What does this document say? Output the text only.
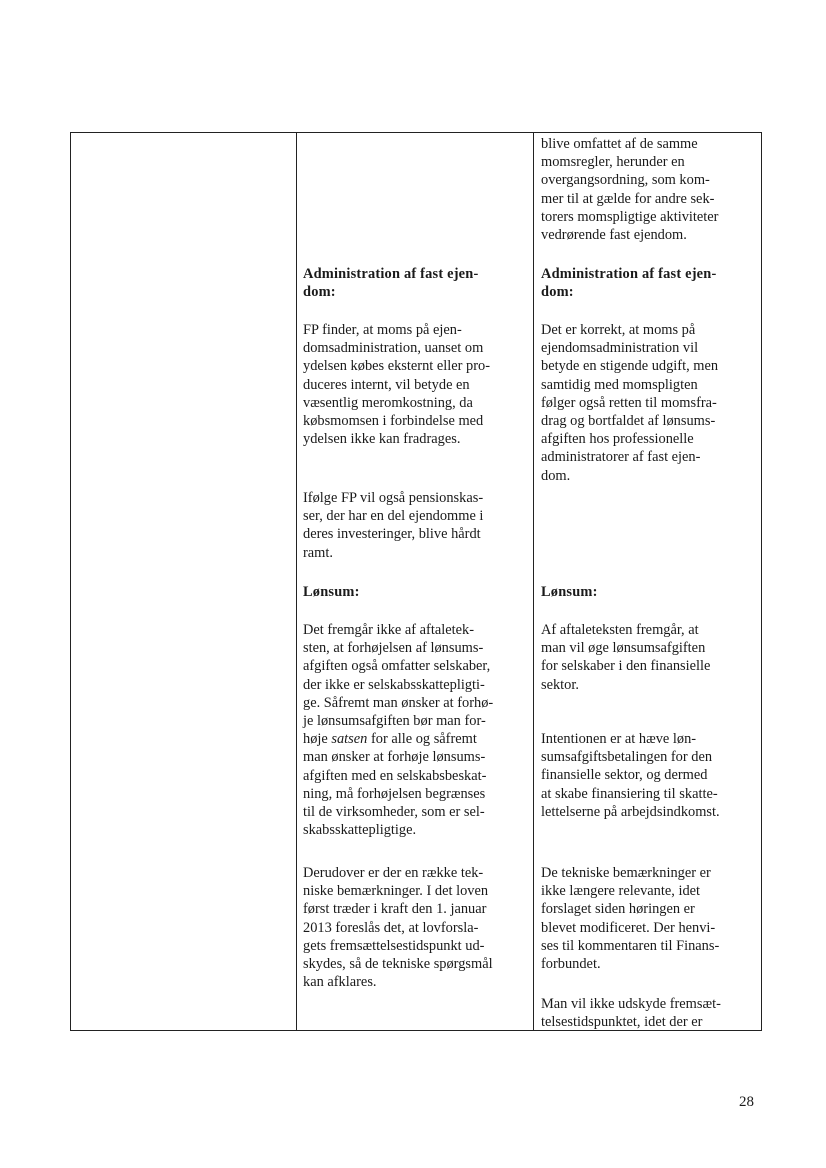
blive omfattet af de samme
momsregler, herunder en
overgangsordning, som kom-
mer til at gælde for andre sek-
torers momspligtige aktiviteter
vedrørende fast ejendom.
Administration af fast ejen-
dom:
Administration af fast ejen-
dom:
FP finder, at moms på ejen-
domsadministration, uanset om
ydelsen købes eksternt eller pro-
duceres internt, vil betyde en
væsentlig meromkostning, da
købsmomsen i forbindelse med
ydelsen ikke kan fradrages.
Det er korrekt, at moms på
ejendomsadministration vil
betyde en stigende udgift, men
samtidig med momspligten
følger også retten til momsfra-
drag og bortfaldet af lønsums-
afgiften hos professionelle
administratorer af fast ejen-
dom.
Ifølge FP vil også pensionskas-
ser, der har en del ejendomme i
deres investeringer, blive hårdt
ramt.
Lønsum:	Lønsum:
Det fremgår ikke af aftaletek-
sten, at forhøjelsen af lønsums-
afgiften også omfatter selskaber,
der ikke er selskabsskattepligti-
ge. Såfremt man ønsker at forhø-
je lønsumsafgiften bør man for-
høje satsen for alle og såfremt
man ønsker at forhøje lønsums-
afgiften med en selskabsbeskat-
ning, må forhøjelsen begrænses
til de virksomheder, som er sel-
skabsskattepligtige.
Derudover er der en række tek-
niske bemærkninger. I det loven
først træder i kraft den 1. januar
2013 foreslås det, at lovforsla-
gets fremsættelsestidspunkt ud-
skydes, så de tekniske spørgsmål
kan afklares.
Af aftaleteksten fremgår, at
man vil øge lønsumsafgiften
for selskaber i den finansielle
sektor.
Intentionen er at hæve løn-
sumsafgiftsbetalingen for den
finansielle sektor, og dermed
at skabe finansiering til skatte-
lettelserne på arbejdsindkomst.
De tekniske bemærkninger er
ikke længere relevante, idet
forslaget siden høringen er
blevet modificeret. Der henvi-
ses til kommentaren til Finans-
forbundet.
Man vil ikke udskyde fremsæt-
telsestidspunktet, idet der er
28
